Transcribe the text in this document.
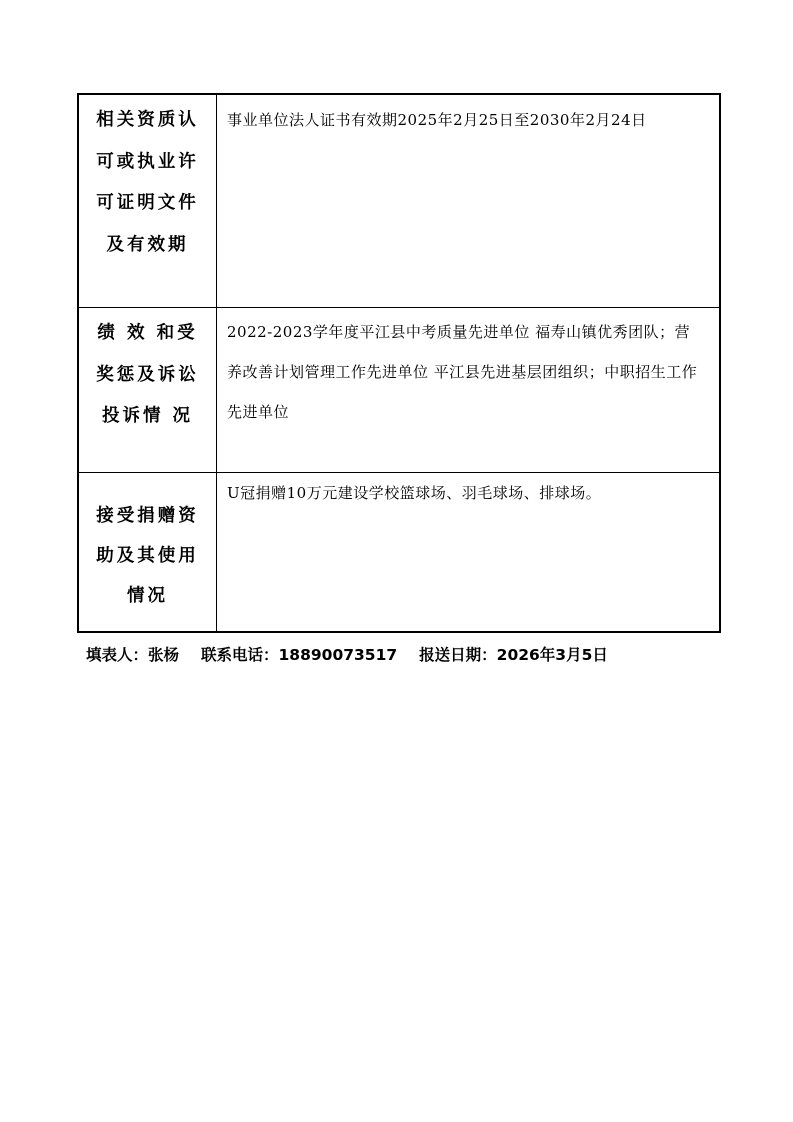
相关资质认可或执业许可证明文件及有效期	事业单位法人证书有效期2025年2月25日至2030年2月24日

绩 效 和受奖惩及诉讼投诉情 况	2022-2023学年度平江县中考质量先进单位 福寿山镇优秀团队；营养改善计划管理工作先进单位 平江县先进基层团组织；中职招生工作先进单位

接受捐赠资助及其使用情况	U冠捐赠10万元建设学校篮球场、羽毛球场、排球场。
填表人：张杨 联系电话：18890073517 报送日期：2026年3月5日
